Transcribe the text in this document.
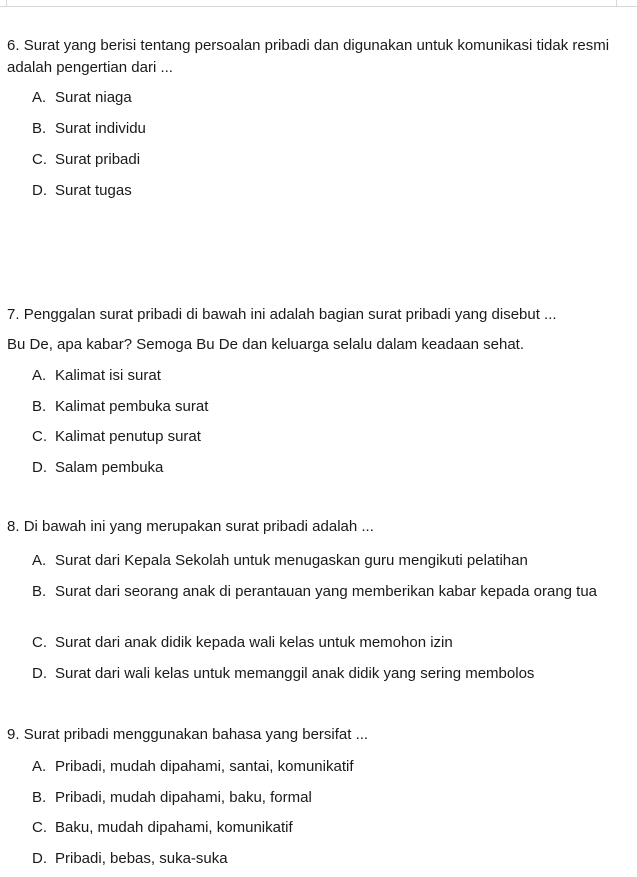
6. Surat yang berisi tentang persoalan pribadi dan digunakan untuk komunikasi tidak resmi adalah pengertian dari ...

A. Surat niaga
B. Surat individu
C. Surat pribadi
D. Surat tugas

7. Penggalan surat pribadi di bawah ini adalah bagian surat pribadi yang disebut ...

Bu De, apa kabar? Semoga Bu De dan keluarga selalu dalam keadaan sehat.

A. Kalimat isi surat
B. Kalimat pembuka surat
C. Kalimat penutup surat
D. Salam pembuka

8. Di bawah ini yang merupakan surat pribadi adalah ...

A. Surat dari Kepala Sekolah untuk menugaskan guru mengikuti pelatihan
B. Surat dari seorang anak di perantauan yang memberikan kabar kepada orang tua
C. Surat dari anak didik kepada wali kelas untuk memohon izin
D. Surat dari wali kelas untuk memanggil anak didik yang sering membolos

9. Surat pribadi menggunakan bahasa yang bersifat ...

A. Pribadi, mudah dipahami, santai, komunikatif
B. Pribadi, mudah dipahami, baku, formal
C. Baku, mudah dipahami, komunikatif
D. Pribadi, bebas, suka-suka
